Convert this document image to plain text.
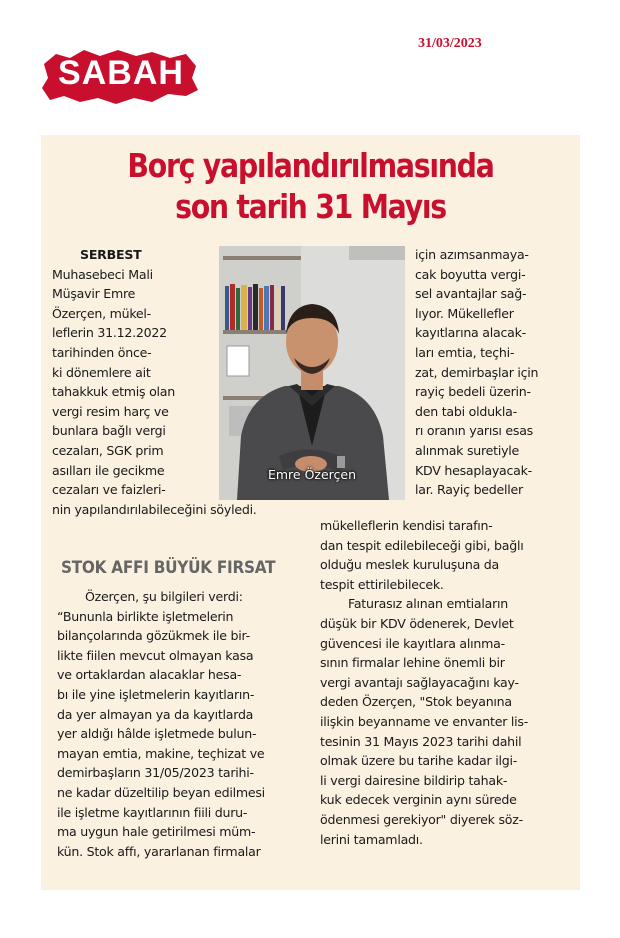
31/03/2023
SABAH
Borç yapılandırılmasında
son tarih 31 Mayıs
SERBEST
Muhasebeci Mali
Müşavir Emre
Özerçen, mükel-
leflerin 31.12.2022
tarihinden önce-
ki dönemlere ait
tahakkuk etmiş olan
vergi resim harç ve
bunlara bağlı vergi
cezaları, SGK prim
asılları ile gecikme
cezaları ve faizleri-
nin yapılandırılabileceğini söyledi.
STOK AFFI BÜYÜK FIRSAT
Özerçen, şu bilgileri verdi:
“Bununla birlikte işletmelerin
bilançolarında gözükmek ile bir-
likte fiilen mevcut olmayan kasa
ve ortaklardan alacaklar hesa-
bı ile yine işletmelerin kayıtların-
da yer almayan ya da kayıtlarda
yer aldığı hâlde işletmede bulun-
mayan emtia, makine, teçhizat ve
demirbaşların 31/05/2023 tarihi-
ne kadar düzeltilip beyan edilmesi
ile işletme kayıtlarının fiili duru-
ma uygun hale getirilmesi müm-
kün. Stok affı, yararlanan firmalar
Emre Özerçen
için azımsanmaya-
cak boyutta vergi-
sel avantajlar sağ-
lıyor. Mükellefler
kayıtlarına alacak-
ları emtia, teçhi-
zat, demirbaşlar için
rayiç bedeli üzerin-
den tabi oldukla-
rı oranın yarısı esas
alınmak suretiyle
KDV hesaplayacak-
lar. Rayiç bedeller
mükelleflerin kendisi tarafın-
dan tespit edilebileceği gibi, bağlı
olduğu meslek kuruluşuna da
tespit ettirilebilecek.
Faturasız alınan emtiaların
düşük bir KDV ödenerek, Devlet
güvencesi ile kayıtlara alınma-
sının firmalar lehine önemli bir
vergi avantajı sağlayacağını kay-
deden Özerçen, "Stok beyanına
ilişkin beyanname ve envanter lis-
tesinin 31 Mayıs 2023 tarihi dahil
olmak üzere bu tarihe kadar ilgi-
li vergi dairesine bildirip tahak-
kuk edecek verginin aynı sürede
ödenmesi gerekiyor" diyerek söz-
lerini tamamladı.
